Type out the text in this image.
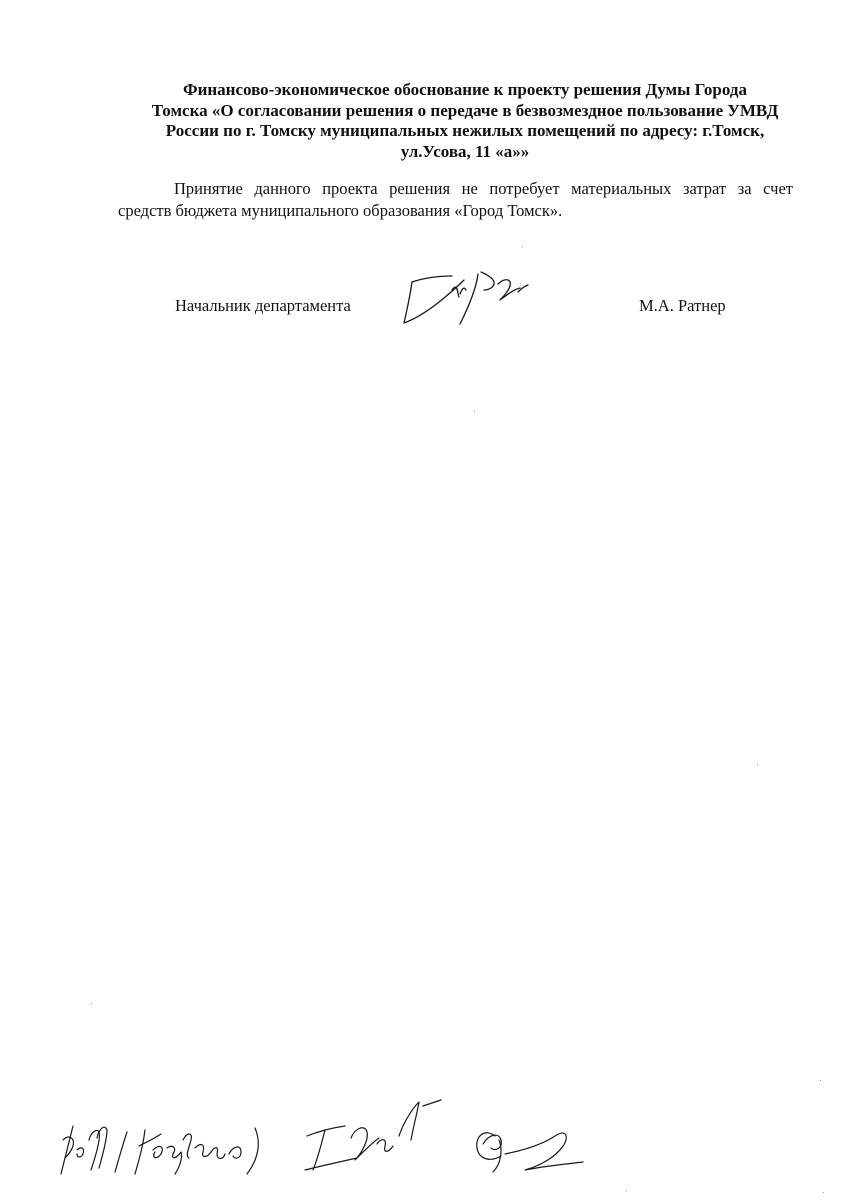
Финансово-экономическое обоснование к проекту решения Думы Города
Томска «О согласовании решения о передаче в безвозмездное пользование УМВД
России по г. Томску муниципальных нежилых помещений по адресу: г.Томск,
ул.Усова, 11 «а»»
Принятие данного проекта решения не потребует материальных затрат за счет
средств бюджета муниципального образования «Город Томск».
Начальник департамента	М.А. Ратнер
